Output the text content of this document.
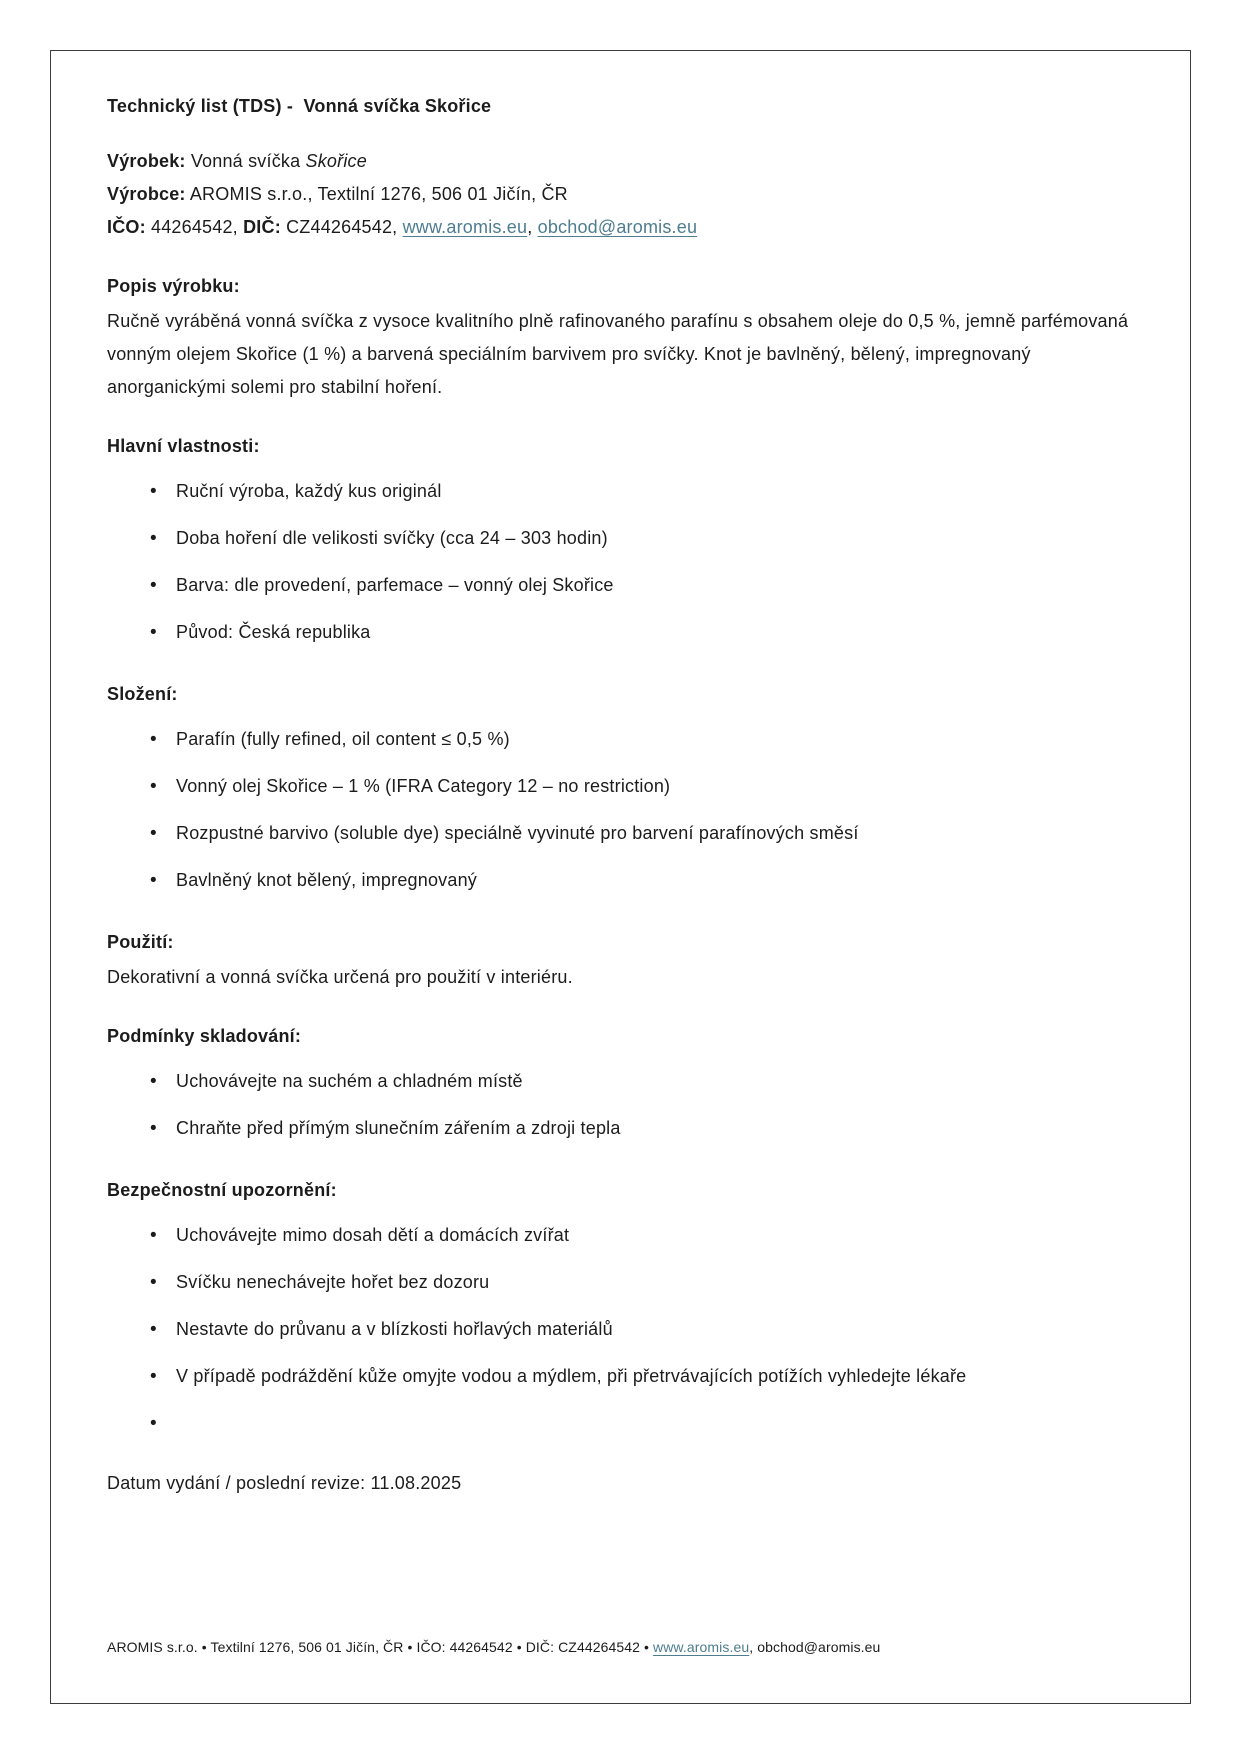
Technický list (TDS) -  Vonná svíčka Skořice
Výrobek: Vonná svíčka Skořice
Výrobce: AROMIS s.r.o., Textilní 1276, 506 01 Jičín, ČR
IČO: 44264542, DIČ: CZ44264542, www.aromis.eu, obchod@aromis.eu
Popis výrobku:

Ručně vyráběná vonná svíčka z vysoce kvalitního plně rafinovaného parafínu s obsahem oleje do 0,5 %, jemně parfémovaná vonným olejem Skořice (1 %) a barvená speciálním barvivem pro svíčky. Knot je bavlněný, bělený, impregnovaný anorganickými solemi pro stabilní hoření.

Hlavní vlastnosti:
• Ruční výroba, každý kus originál
• Doba hoření dle velikosti svíčky (cca 24 – 303 hodin)
• Barva: dle provedení, parfemace – vonný olej Skořice
• Původ: Česká republika
Složení:
• Parafín (fully refined, oil content ≤ 0,5 %)
• Vonný olej Skořice – 1 % (IFRA Category 12 – no restriction)
• Rozpustné barvivo (soluble dye) speciálně vyvinuté pro barvení parafínových směsí
• Bavlněný knot bělený, impregnovaný
Použití:

Dekorativní a vonná svíčka určená pro použití v interiéru.

Podmínky skladování:
• Uchovávejte na suchém a chladném místě
• Chraňte před přímým slunečním zářením a zdroji tepla
Bezpečnostní upozornění:
• Uchovávejte mimo dosah dětí a domácích zvířat
• Svíčku nenechávejte hořet bez dozoru
• Nestavte do průvanu a v blízkosti hořlavých materiálů
• V případě podráždění kůže omyjte vodou a mýdlem, při přetrvávajících potížích vyhledejte lékaře
•
Datum vydání / poslední revize: 11.08.2025
AROMIS s.r.o. • Textilní 1276, 506 01 Jičín, ČR • IČO: 44264542 • DIČ: CZ44264542 • www.aromis.eu, obchod@aromis.eu
